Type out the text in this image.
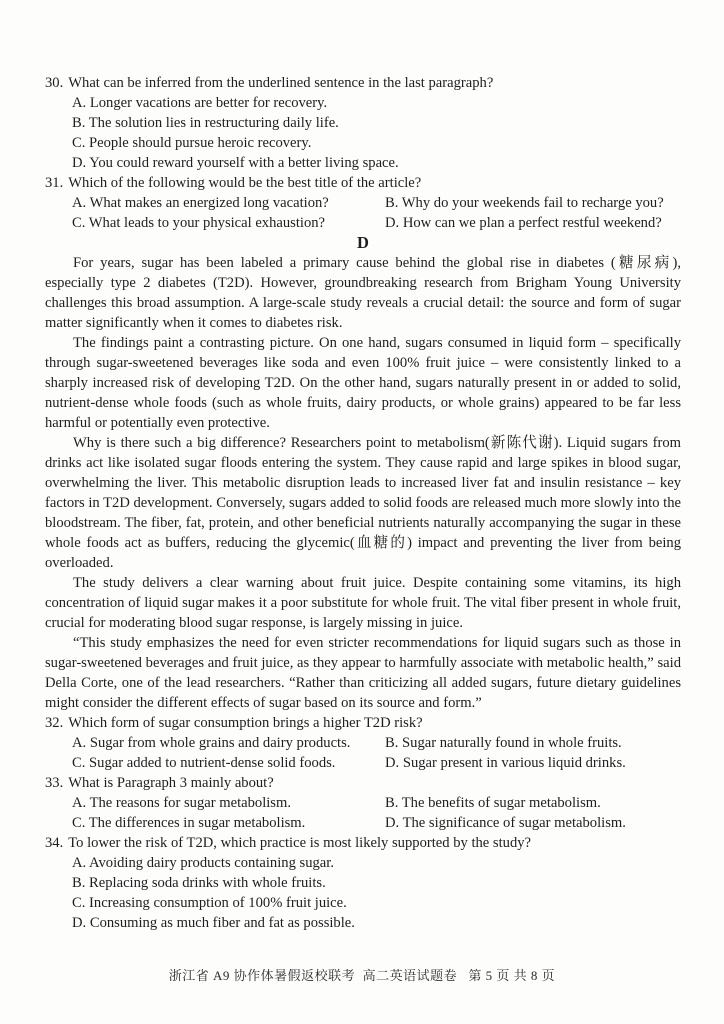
30. What can be inferred from the underlined sentence in the last paragraph?

A. Longer vacations are better for recovery.
B. The solution lies in restructuring daily life.
C. People should pursue heroic recovery.
D. You could reward yourself with a better living space.

31. Which of the following would be the best title of the article?

A. What makes an energized long vacation?	B. Why do your weekends fail to recharge you?
C. What leads to your physical exhaustion?	D. How can we plan a perfect restful weekend?

D

For years, sugar has been labeled a primary cause behind the global rise in diabetes (糖尿病), especially type 2 diabetes (T2D). However, groundbreaking research from Brigham Young University challenges this broad assumption. A large-scale study reveals a crucial detail: the source and form of sugar matter significantly when it comes to diabetes risk.

The findings paint a contrasting picture. On one hand, sugars consumed in liquid form – specifically through sugar-sweetened beverages like soda and even 100% fruit juice – were consistently linked to a sharply increased risk of developing T2D. On the other hand, sugars naturally present in or added to solid, nutrient-dense whole foods (such as whole fruits, dairy products, or whole grains) appeared to be far less harmful or potentially even protective.

Why is there such a big difference? Researchers point to metabolism(新陈代谢). Liquid sugars from drinks act like isolated sugar floods entering the system. They cause rapid and large spikes in blood sugar, overwhelming the liver. This metabolic disruption leads to increased liver fat and insulin resistance – key factors in T2D development. Conversely, sugars added to solid foods are released much more slowly into the bloodstream. The fiber, fat, protein, and other beneficial nutrients naturally accompanying the sugar in these whole foods act as buffers, reducing the glycemic(血糖的) impact and preventing the liver from being overloaded.

The study delivers a clear warning about fruit juice. Despite containing some vitamins, its high concentration of liquid sugar makes it a poor substitute for whole fruit. The vital fiber present in whole fruit, crucial for moderating blood sugar response, is largely missing in juice.

“This study emphasizes the need for even stricter recommendations for liquid sugars such as those in sugar-sweetened beverages and fruit juice, as they appear to harmfully associate with metabolic health,” said Della Corte, one of the lead researchers. “Rather than criticizing all added sugars, future dietary guidelines might consider the different effects of sugar based on its source and form.”

32. Which form of sugar consumption brings a higher T2D risk?

A. Sugar from whole grains and dairy products.	B. Sugar naturally found in whole fruits.
C. Sugar added to nutrient-dense solid foods.	D. Sugar present in various liquid drinks.

33. What is Paragraph 3 mainly about?

A. The reasons for sugar metabolism.	B. The benefits of sugar metabolism.
C. The differences in sugar metabolism.	D. The significance of sugar metabolism.

34. To lower the risk of T2D, which practice is most likely supported by the study?

A. Avoiding dairy products containing sugar.
B. Replacing soda drinks with whole fruits.
C. Increasing consumption of 100% fruit juice.
D. Consuming as much fiber and fat as possible.
浙江省 A9 协作体暑假返校联考  高二英语试题卷   第 5 页 共 8 页
